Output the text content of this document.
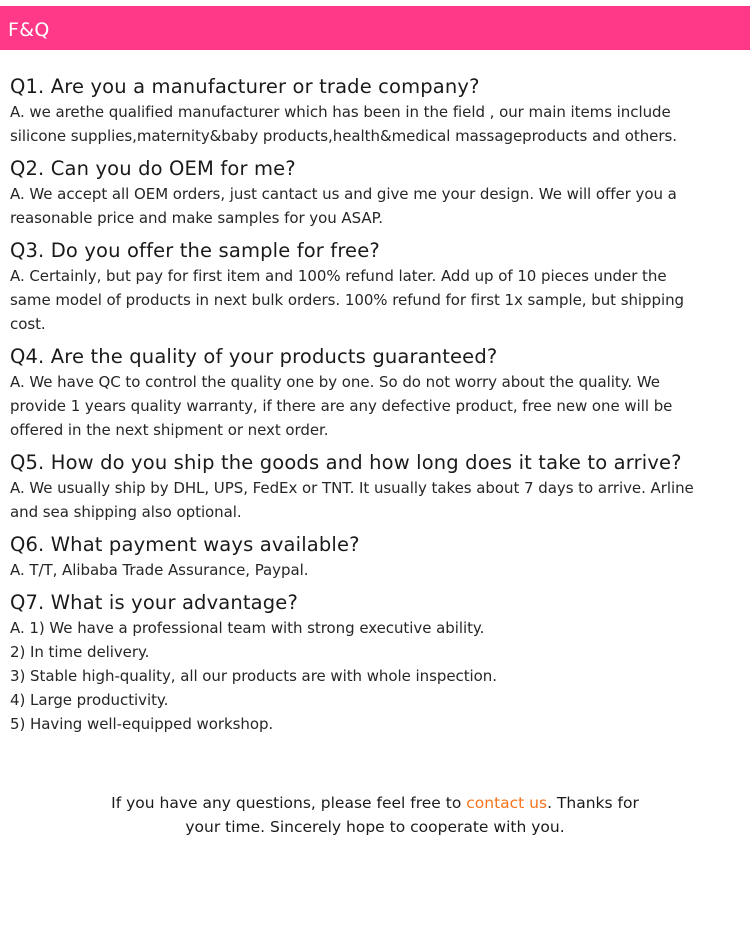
F&Q
Q1. Are you a manufacturer or trade company?
A. we arethe qualified manufacturer which has been in the field , our main items include
silicone supplies,maternity&baby products,health&medical massageproducts and others.
Q2. Can you do OEM for me?
A. We accept all OEM orders, just cantact us and give me your design. We will offer you a
reasonable price and make samples for you ASAP.
Q3. Do you offer the sample for free?
A. Certainly, but pay for first item and 100% refund later. Add up of 10 pieces under the
same model of products in next bulk orders. 100% refund for first 1x sample, but shipping
cost.
Q4. Are the quality of your products guaranteed?
A. We have QC to control the quality one by one. So do not worry about the quality. We
provide 1 years quality warranty, if there are any defective product, free new one will be
offered in the next shipment or next order.
Q5. How do you ship the goods and how long does it take to arrive?
A. We usually ship by DHL, UPS, FedEx or TNT. It usually takes about 7 days to arrive. Arline
and sea shipping also optional.
Q6. What payment ways available?
A. T/T, Alibaba Trade Assurance, Paypal.
Q7. What is your advantage?
A. 1) We have a professional team with strong executive ability.
2) In time delivery.
3) Stable high-quality, all our products are with whole inspection.
4) Large productivity.
5) Having well-equipped workshop.
If you have any questions, please feel free to contact us. Thanks for
your time. Sincerely hope to cooperate with you.
